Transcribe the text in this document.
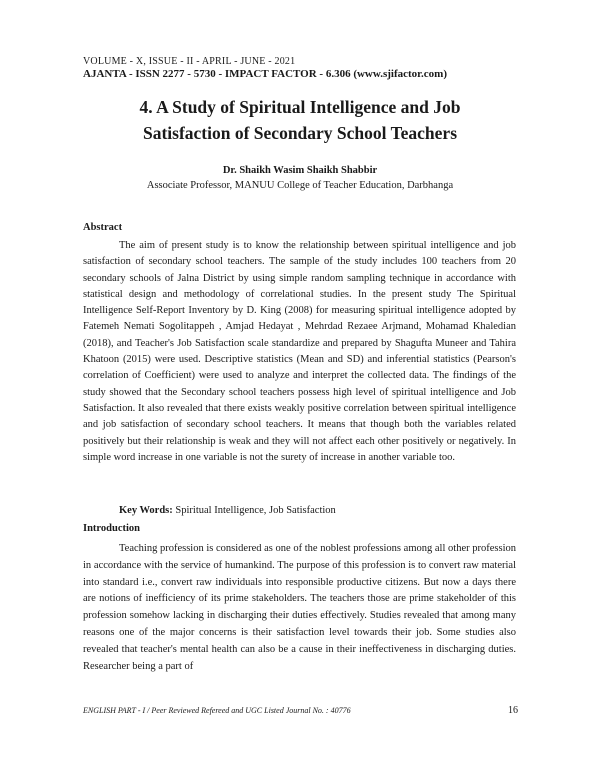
VOLUME - X, ISSUE - II - APRIL - JUNE - 2021
AJANTA - ISSN 2277 - 5730 - IMPACT FACTOR - 6.306 (www.sjifactor.com)
4. A Study of Spiritual Intelligence and Job
Satisfaction of Secondary School Teachers
Dr. Shaikh Wasim Shaikh Shabbir
Associate Professor, MANUU College of Teacher Education, Darbhanga
Abstract

The aim of present study is to know the relationship between spiritual intelligence and job satisfaction of secondary school teachers. The sample of the study includes 100 teachers from 20 secondary schools of Jalna District by using simple random sampling technique in accordance with statistical design and methodology of correlational studies. In the present study The Spiritual Intelligence Self-Report Inventory by D. King (2008) for measuring spiritual intelligence adopted by Fatemeh Nemati Sogolitappeh , Amjad Hedayat , Mehrdad Rezaee Arjmand, Mohamad Khaledian (2018), and Teacher's Job Satisfaction scale standardize and prepared by Shagufta Muneer and Tahira Khatoon (2015) were used. Descriptive statistics (Mean and SD) and inferential statistics (Pearson's correlation of Coefficient) were used to analyze and interpret the collected data. The findings of the study showed that the Secondary school teachers possess high level of spiritual intelligence and Job Satisfaction. It also revealed that there exists weakly positive correlation between spiritual intelligence and job satisfaction of secondary school teachers. It means that though both the variables related positively but their relationship is weak and they will not affect each other positively or negatively. In simple word increase in one variable is not the surety of increase in another variable too.

Key Words: Spiritual Intelligence, Job Satisfaction
Introduction

Teaching profession is considered as one of the noblest professions among all other profession in accordance with the service of humankind. The purpose of this profession is to convert raw material into standard i.e., convert raw individuals into responsible productive citizens. But now a days there are notions of inefficiency of its prime stakeholders. The teachers those are prime stakeholder of this profession somehow lacking in discharging their duties effectively. Studies revealed that among many reasons one of the major concerns is their satisfaction level towards their job. Some studies also revealed that teacher's mental health can also be a cause in their ineffectiveness in discharging duties. Researcher being a part of

ENGLISH PART - I / Peer Reviewed Refereed and UGC Listed Journal No. : 40776	16
